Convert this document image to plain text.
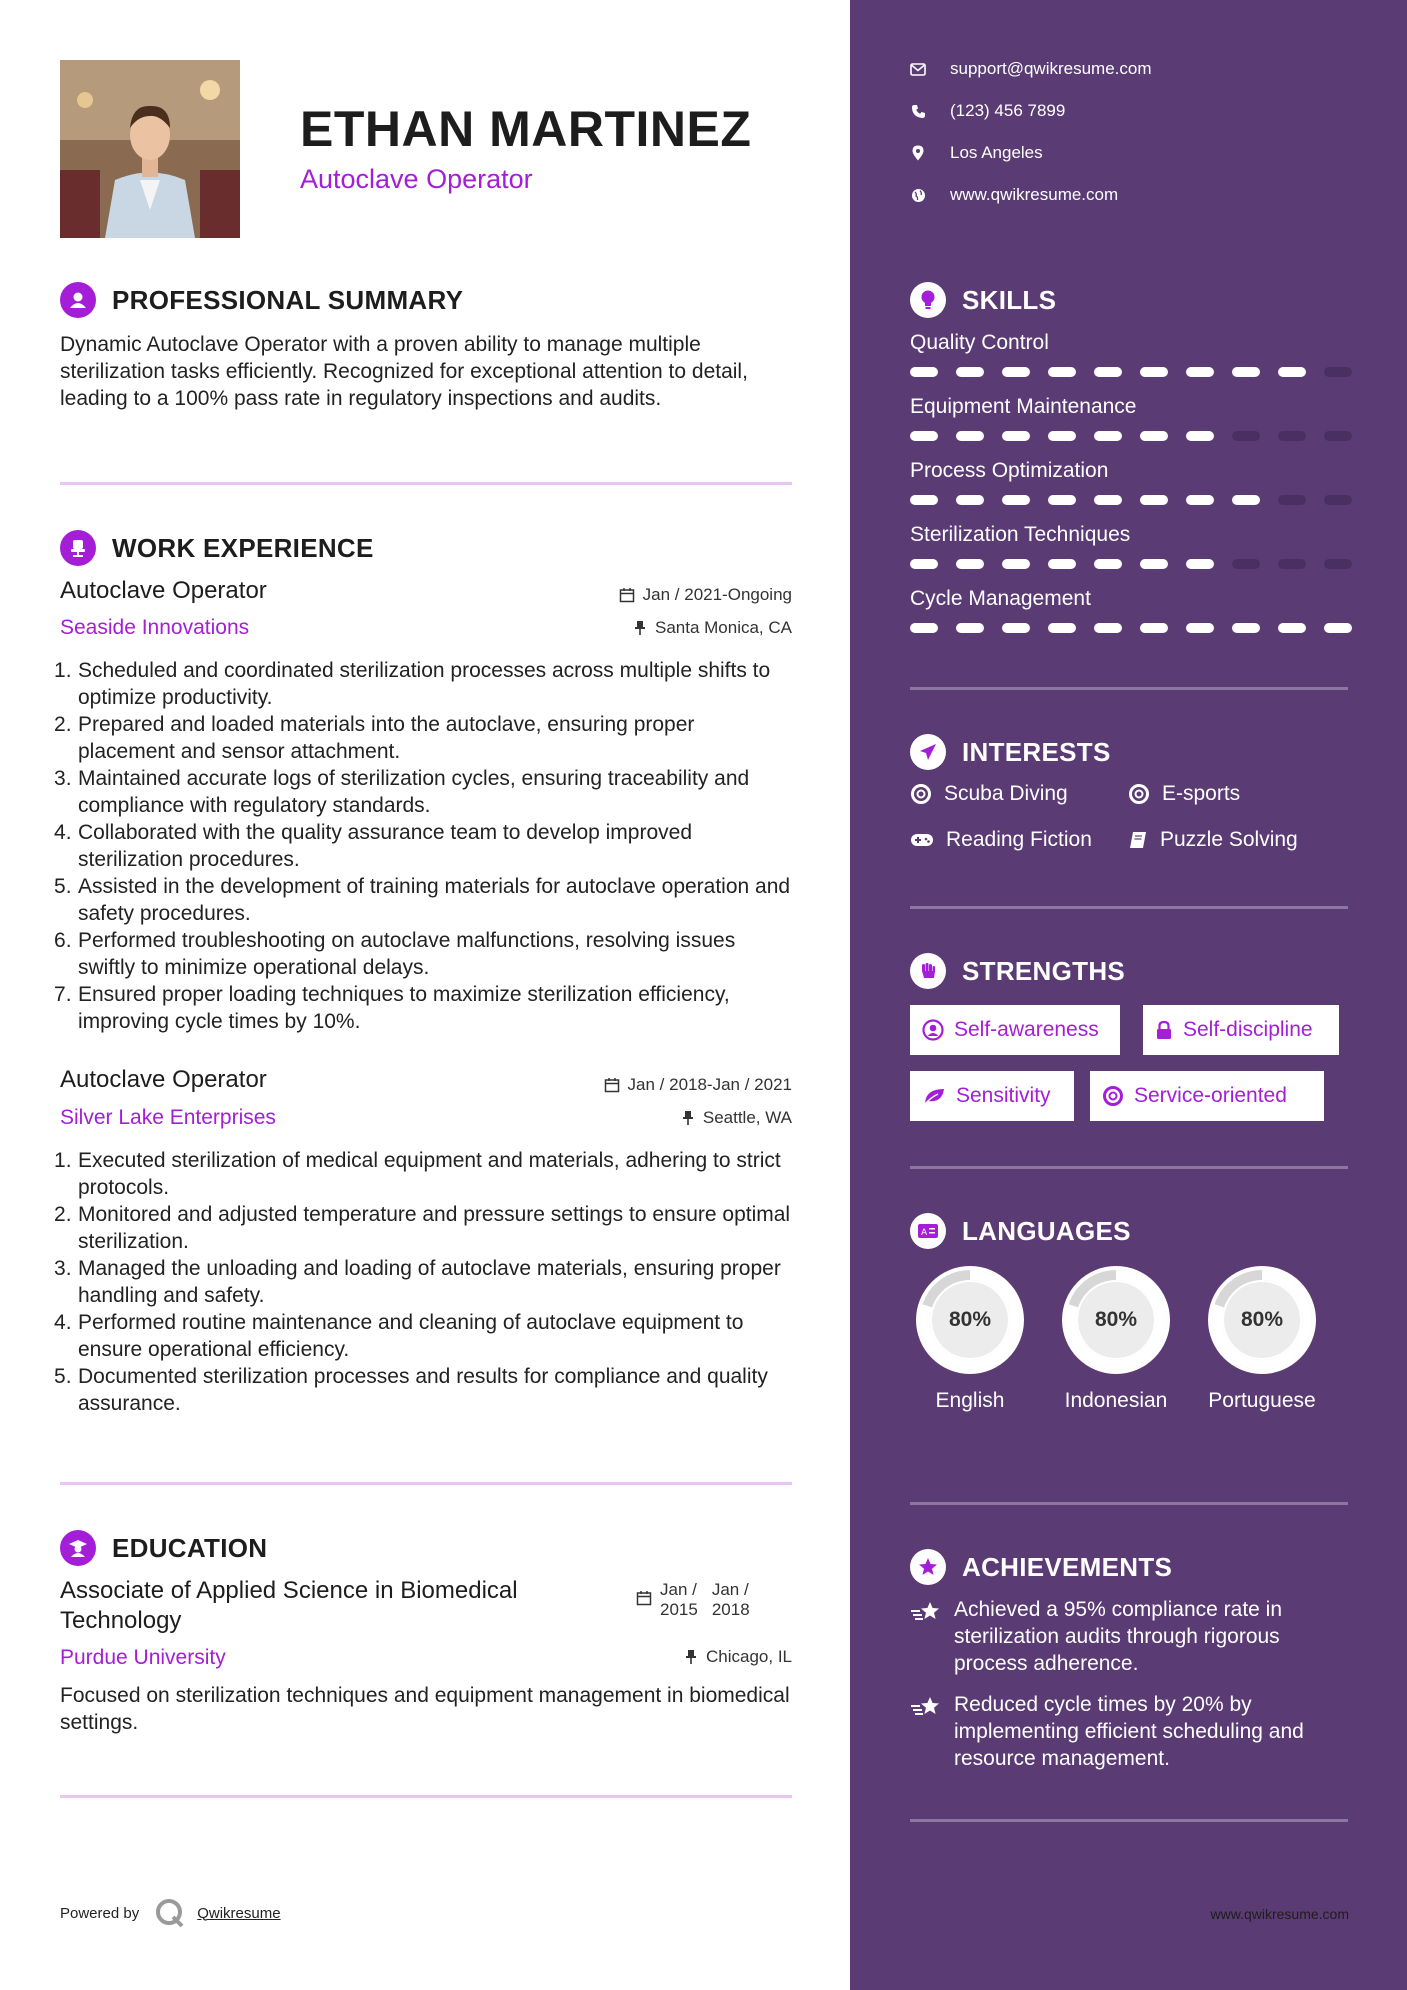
ETHAN MARTINEZ
Autoclave Operator
PROFESSIONAL SUMMARY
Dynamic Autoclave Operator with a proven ability to manage multiple sterilization tasks efficiently. Recognized for exceptional attention to detail, leading to a 100% pass rate in regulatory inspections and audits.
WORK EXPERIENCE
Autoclave Operator	Jan / 2021-Ongoing
Seaside Innovations	Santa Monica, CA
Scheduled and coordinated sterilization processes across multiple shifts to optimize productivity.
Prepared and loaded materials into the autoclave, ensuring proper placement and sensor attachment.
Maintained accurate logs of sterilization cycles, ensuring traceability and compliance with regulatory standards.
Collaborated with the quality assurance team to develop improved sterilization procedures.
Assisted in the development of training materials for autoclave operation and safety procedures.
Performed troubleshooting on autoclave malfunctions, resolving issues swiftly to minimize operational delays.
Ensured proper loading techniques to maximize sterilization efficiency, improving cycle times by 10%.
Autoclave Operator	Jan / 2018-Jan / 2021
Silver Lake Enterprises	Seattle, WA
Executed sterilization of medical equipment and materials, adhering to strict protocols.
Monitored and adjusted temperature and pressure settings to ensure optimal sterilization.
Managed the unloading and loading of autoclave materials, ensuring proper handling and safety.
Performed routine maintenance and cleaning of autoclave equipment to ensure operational efficiency.
Documented sterilization processes and results for compliance and quality assurance.
EDUCATION
Associate of Applied Science in Biomedical Technology
Jan /
2015
Jan /
2018
Purdue University	Chicago, IL
Focused on sterilization techniques and equipment management in biomedical settings.
Powered by	Qwikresume
support@qwikresume.com
(123) 456 7899
Los Angeles
www.qwikresume.com
SKILLS
Quality Control
Equipment Maintenance
Process Optimization
Sterilization Techniques
Cycle Management
INTERESTS
Scuba Diving	E-sports
Reading Fiction	Puzzle Solving
STRENGTHS
Self-awareness	Self-discipline
Sensitivity	Service-oriented
A LANGUAGES
80%
English
80%
Indonesian
80%
Portuguese
ACHIEVEMENTS
Achieved a 95% compliance rate in sterilization audits through rigorous process adherence.
Reduced cycle times by 20% by implementing efficient scheduling and resource management.
www.qwikresume.com
